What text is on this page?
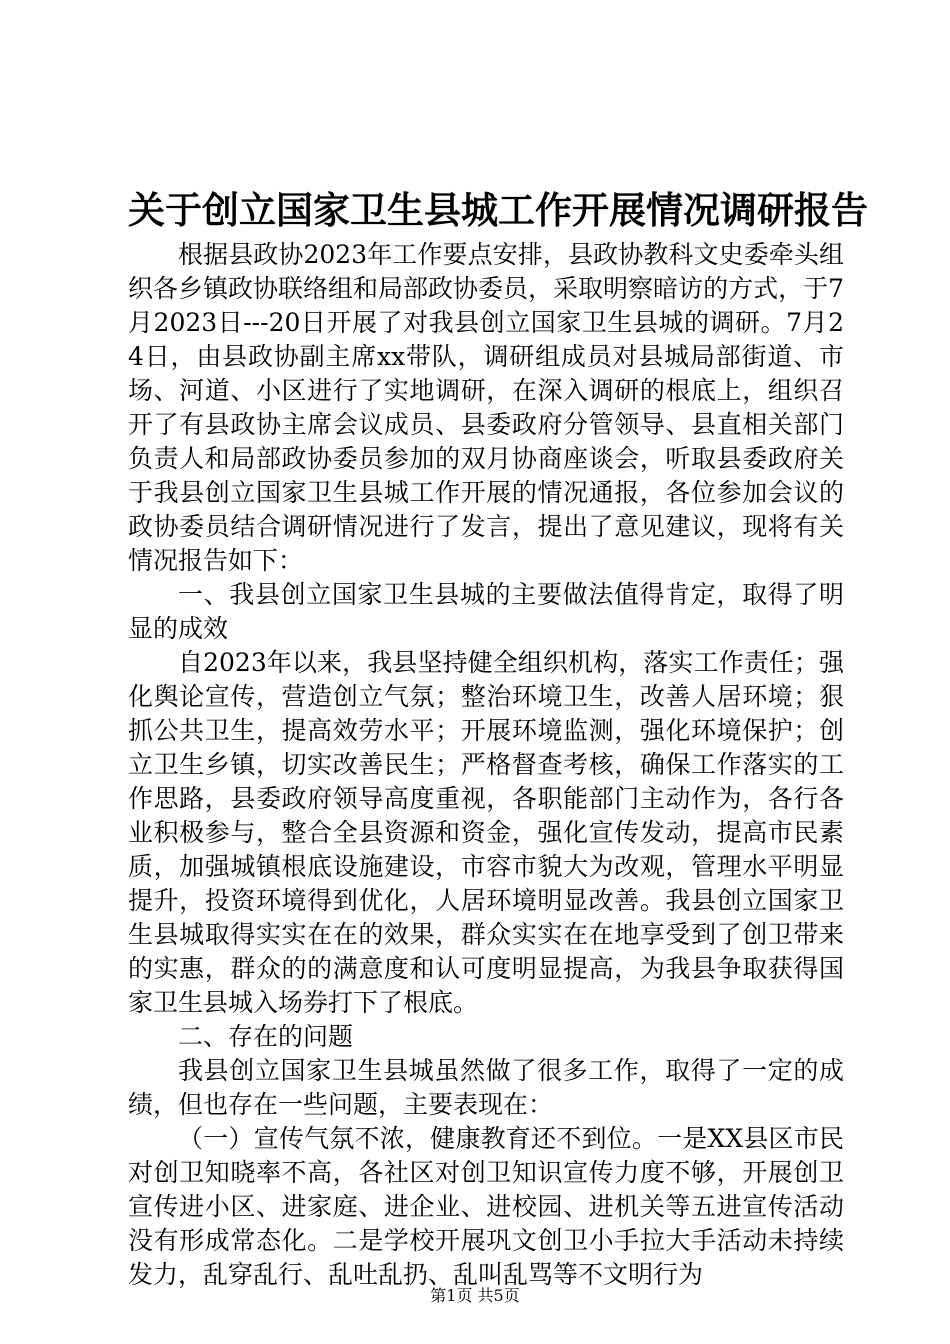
关于创立国家卫生县城工作开展情况调研报告

根据县政协2023年工作要点安排，县政协教科文史委牵头组织各乡镇政协联络组和局部政协委员，采取明察暗访的方式，于7月2023日---20日开展了对我县创立国家卫生县城的调研。7月24日，由县政协副主席xx带队，调研组成员对县城局部街道、市场、河道、小区进行了实地调研，在深入调研的根底上，组织召开了有县政协主席会议成员、县委政府分管领导、县直相关部门负责人和局部政协委员参加的双月协商座谈会，听取县委政府关于我县创立国家卫生县城工作开展的情况通报，各位参加会议的政协委员结合调研情况进行了发言，提出了意见建议，现将有关情况报告如下：

一、我县创立国家卫生县城的主要做法值得肯定，取得了明显的成效

自2023年以来，我县坚持健全组织机构，落实工作责任；强化舆论宣传，营造创立气氛；整治环境卫生，改善人居环境；狠抓公共卫生，提高效劳水平；开展环境监测，强化环境保护；创立卫生乡镇，切实改善民生；严格督查考核，确保工作落实的工作思路，县委政府领导高度重视，各职能部门主动作为，各行各业积极参与，整合全县资源和资金，强化宣传发动，提高市民素质，加强城镇根底设施建设，市容市貌大为改观，管理水平明显提升，投资环境得到优化，人居环境明显改善。我县创立国家卫生县城取得实实在在的效果，群众实实在在地享受到了创卫带来的实惠，群众的的满意度和认可度明显提高，为我县争取获得国家卫生县城入场券打下了根底。

二、存在的问题

我县创立国家卫生县城虽然做了很多工作，取得了一定的成绩，但也存在一些问题，主要表现在：

（一）宣传气氛不浓，健康教育还不到位。一是XX县区市民对创卫知晓率不高，各社区对创卫知识宣传力度不够，开展创卫宣传进小区、进家庭、进企业、进校园、进机关等五进宣传活动没有形成常态化。二是学校开展巩文创卫小手拉大手活动未持续发力，乱穿乱行、乱吐乱扔、乱叫乱骂等不文明行为

第1页 共5页
